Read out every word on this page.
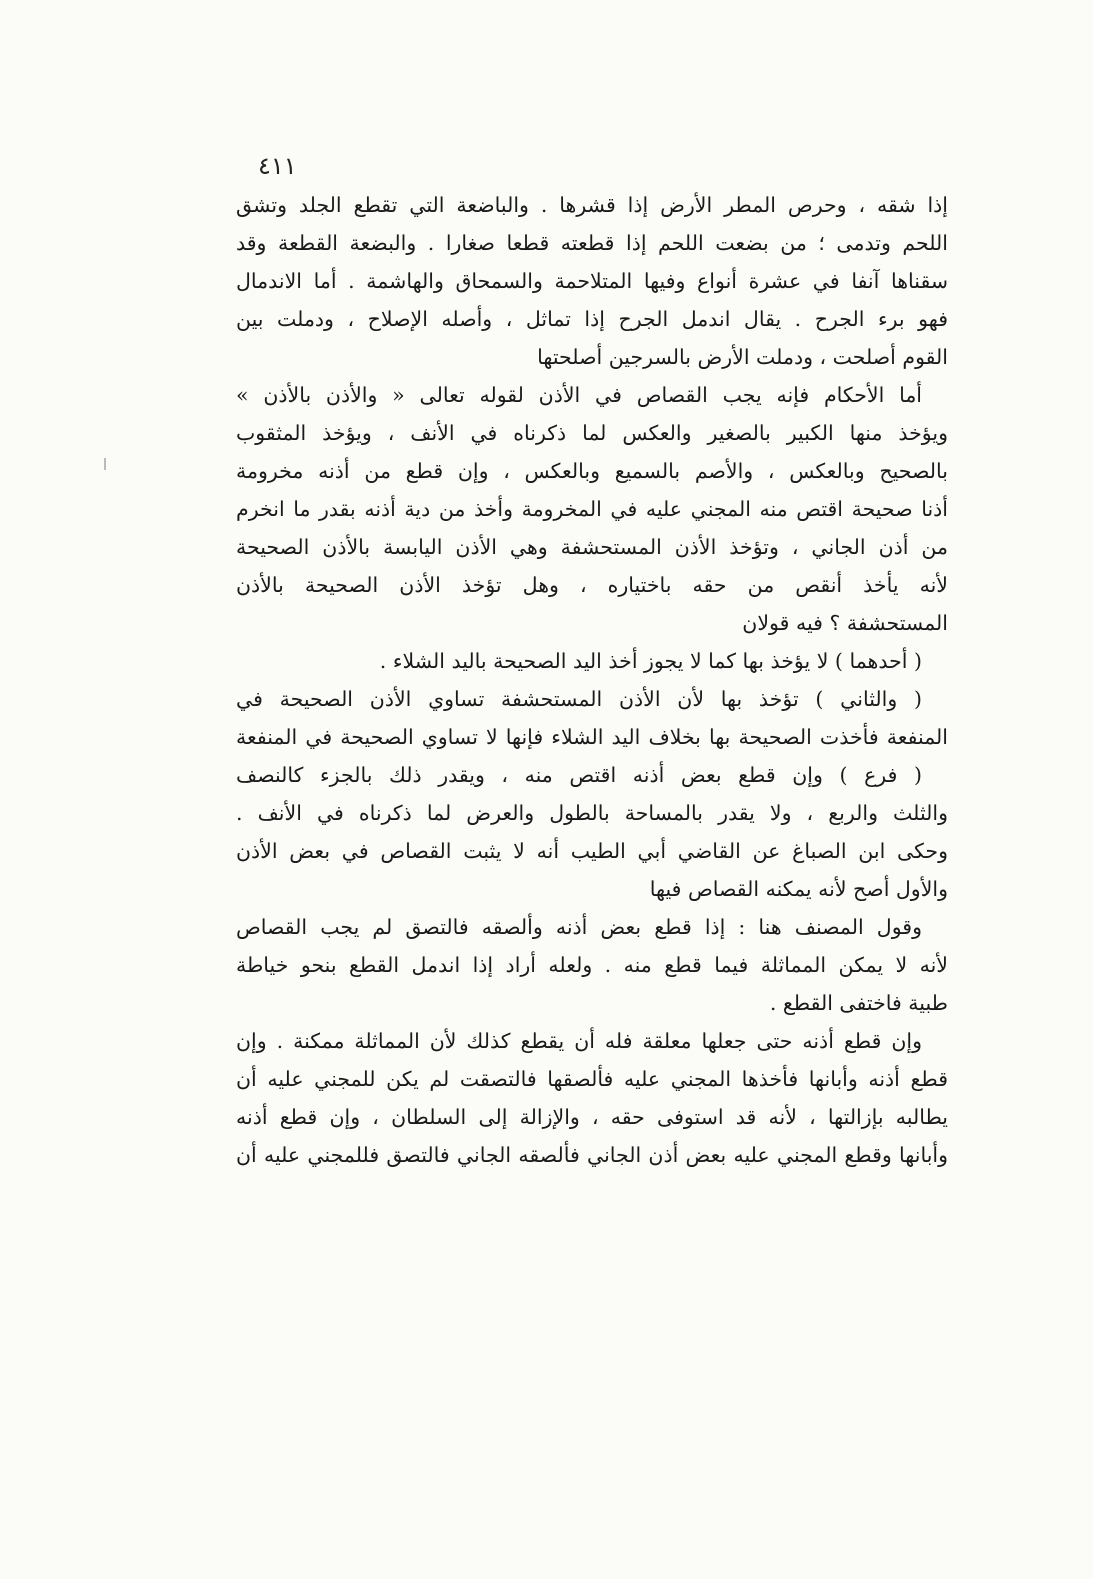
٤١١
إذا شقه ، وحرص المطر الأرض إذا قشرها . والباضعة التي تقطع الجلد وتشق
اللحم وتدمى ؛ من بضعت اللحم إذا قطعته قطعا صغارا . والبضعة القطعة وقد
سقناها آنفا في عشرة أنواع وفيها المتلاحمة والسمحاق والهاشمة . أما الاندمال
فهو برء الجرح . يقال اندمل الجرح إذا تماثل ، وأصله الإصلاح ، ودملت بين
القوم أصلحت ، ودملت الأرض بالسرجين أصلحتها
أما الأحكام فإنه يجب القصاص في الأذن لقوله تعالى « والأذن بالأذن »
ويؤخذ منها الكبير بالصغير والعكس لما ذكرناه في الأنف ، ويؤخذ المثقوب
بالصحيح وبالعكس ، والأصم بالسميع وبالعكس ، وإن قطع من أذنه مخرومة
أذنا صحيحة اقتص منه المجني عليه في المخرومة وأخذ من دية أذنه بقدر ما انخرم
من أذن الجاني ، وتؤخذ الأذن المستحشفة وهي الأذن اليابسة بالأذن الصحيحة
لأنه يأخذ أنقص من حقه باختياره ، وهل تؤخذ الأذن الصحيحة بالأذن
المستحشفة ؟ فيه قولان
( أحدهما ) لا يؤخذ بها كما لا يجوز أخذ اليد الصحيحة باليد الشلاء .
( والثاني ) تؤخذ بها لأن الأذن المستحشفة تساوي الأذن الصحيحة في
المنفعة فأخذت الصحيحة بها بخلاف اليد الشلاء فإنها لا تساوي الصحيحة في المنفعة
( فرع ) وإن قطع بعض أذنه اقتص منه ، ويقدر ذلك بالجزء كالنصف
والثلث والربع ، ولا يقدر بالمساحة بالطول والعرض لما ذكرناه في الأنف .
وحكى ابن الصباغ عن القاضي أبي الطيب أنه لا يثبت القصاص في بعض الأذن
والأول أصح لأنه يمكنه القصاص فيها
وقول المصنف هنا : إذا قطع بعض أذنه وألصقه فالتصق لم يجب القصاص
لأنه لا يمكن المماثلة فيما قطع منه . ولعله أراد إذا اندمل القطع بنحو خياطة
طبية فاختفى القطع .
وإن قطع أذنه حتى جعلها معلقة فله أن يقطع كذلك لأن المماثلة ممكنة . وإن
قطع أذنه وأبانها فأخذها المجني عليه فألصقها فالتصقت لم يكن للمجني عليه أن
يطالبه بإزالتها ، لأنه قد استوفى حقه ، والإزالة إلى السلطان ، وإن قطع أذنه
وأبانها وقطع المجني عليه بعض أذن الجاني فألصقه الجاني فالتصق فللمجني عليه أن
